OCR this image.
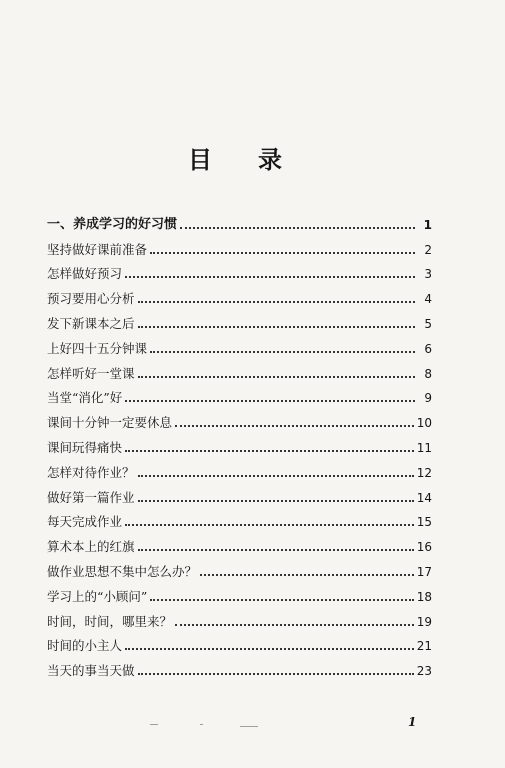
目 录
一、养成学习的好习惯	1
坚持做好课前准备	2
怎样做好预习	3
预习要用心分析	4
发下新课本之后	5
上好四十五分钟课	6
怎样听好一堂课	8
当堂“消化”好	9
课间十分钟一定要休息	10
课间玩得痛快	11
怎样对待作业？	12
做好第一篇作业	14
每天完成作业	15
算术本上的红旗	16
做作业思想不集中怎么办？	17
学习上的“小顾问”	18
时间，时间，哪里来？	19
时间的小主人	21
当天的事当天做	23
1
